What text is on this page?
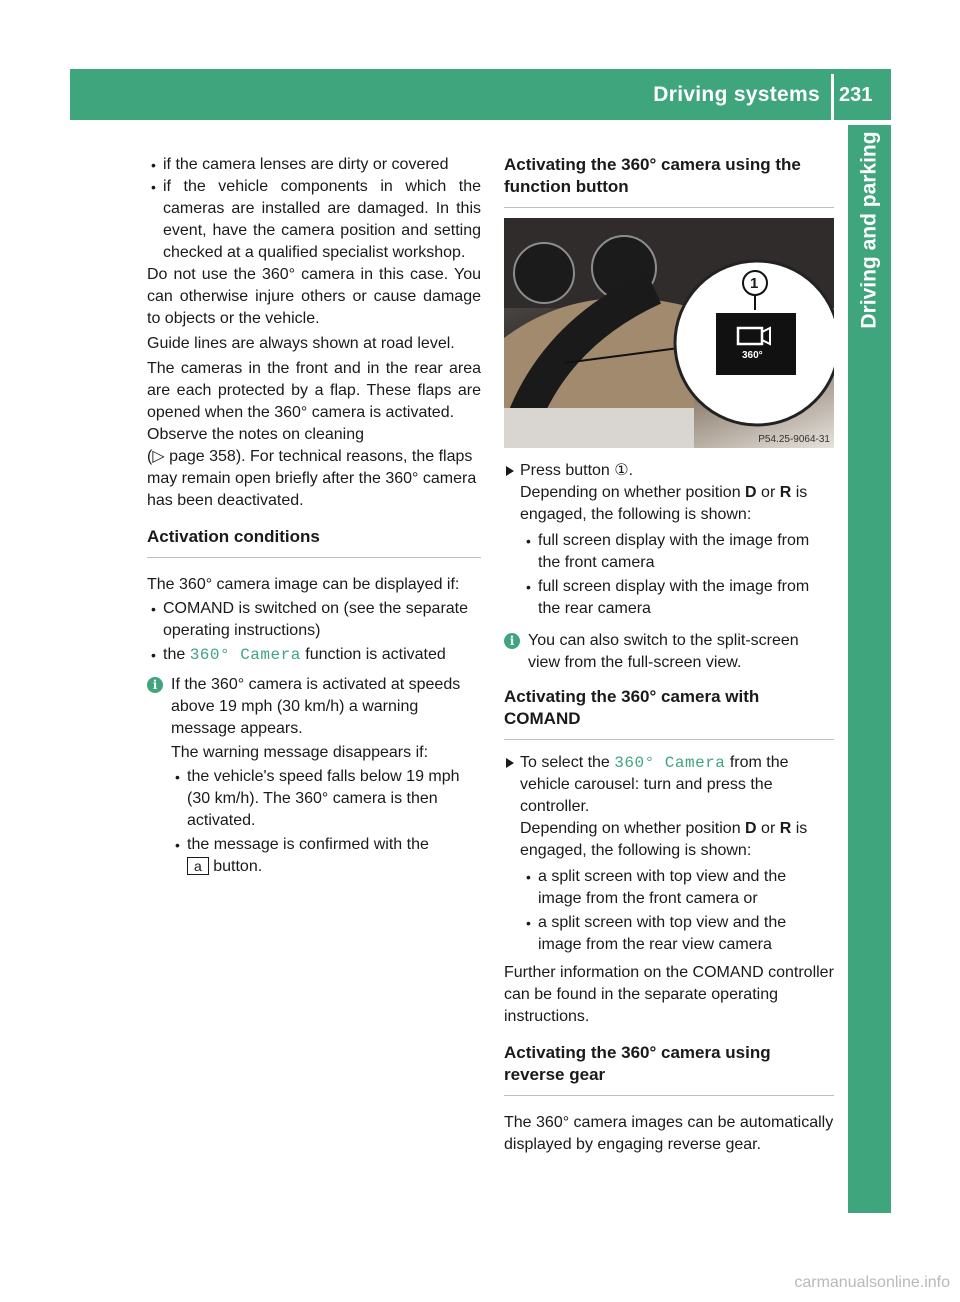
Driving systems 231
Driving and parking

• if the camera lenses are dirty or covered

• if the vehicle components in which the cameras are installed are damaged. In this event, have the camera position and setting checked at a qualified specialist workshop.

Do not use the 360° camera in this case. You can otherwise injure others or cause damage to objects or the vehicle.

Guide lines are always shown at road level.

The cameras in the front and in the rear area are each protected by a flap. These flaps are opened when the 360° camera is activated.

Observe the notes on cleaning

(▷ page 358). For technical reasons, the flaps may remain open briefly after the 360° camera has been deactivated.

Activation conditions

The 360° camera image can be displayed if:

• COMAND is switched on (see the separate operating instructions)

• the 360° Camera function is activated

i If the 360° camera is activated at speeds above 19 mph (30 km/h) a warning message appears.

The warning message disappears if:

• the vehicle's speed falls below 19 mph (30 km/h). The 360° camera is then activated.

• the message is confirmed with the
a button.

Activating the 360° camera using the function button
1
360°
P54.25-9064-31

Press button ①.

Depending on whether position D or R is engaged, the following is shown:

• full screen display with the image from the front camera

• full screen display with the image from the rear camera

i You can also switch to the split-screen view from the full-screen view.

Activating the 360° camera with COMAND

To select the 360° Camera from the vehicle carousel: turn and press the controller.

Depending on whether position D or R is engaged, the following is shown:

• a split screen with top view and the image from the front camera or

• a split screen with top view and the image from the rear view camera

Further information on the COMAND controller can be found in the separate operating instructions.

Activating the 360° camera using reverse gear

The 360° camera images can be automatically displayed by engaging reverse gear.

carmanualsonline.info
